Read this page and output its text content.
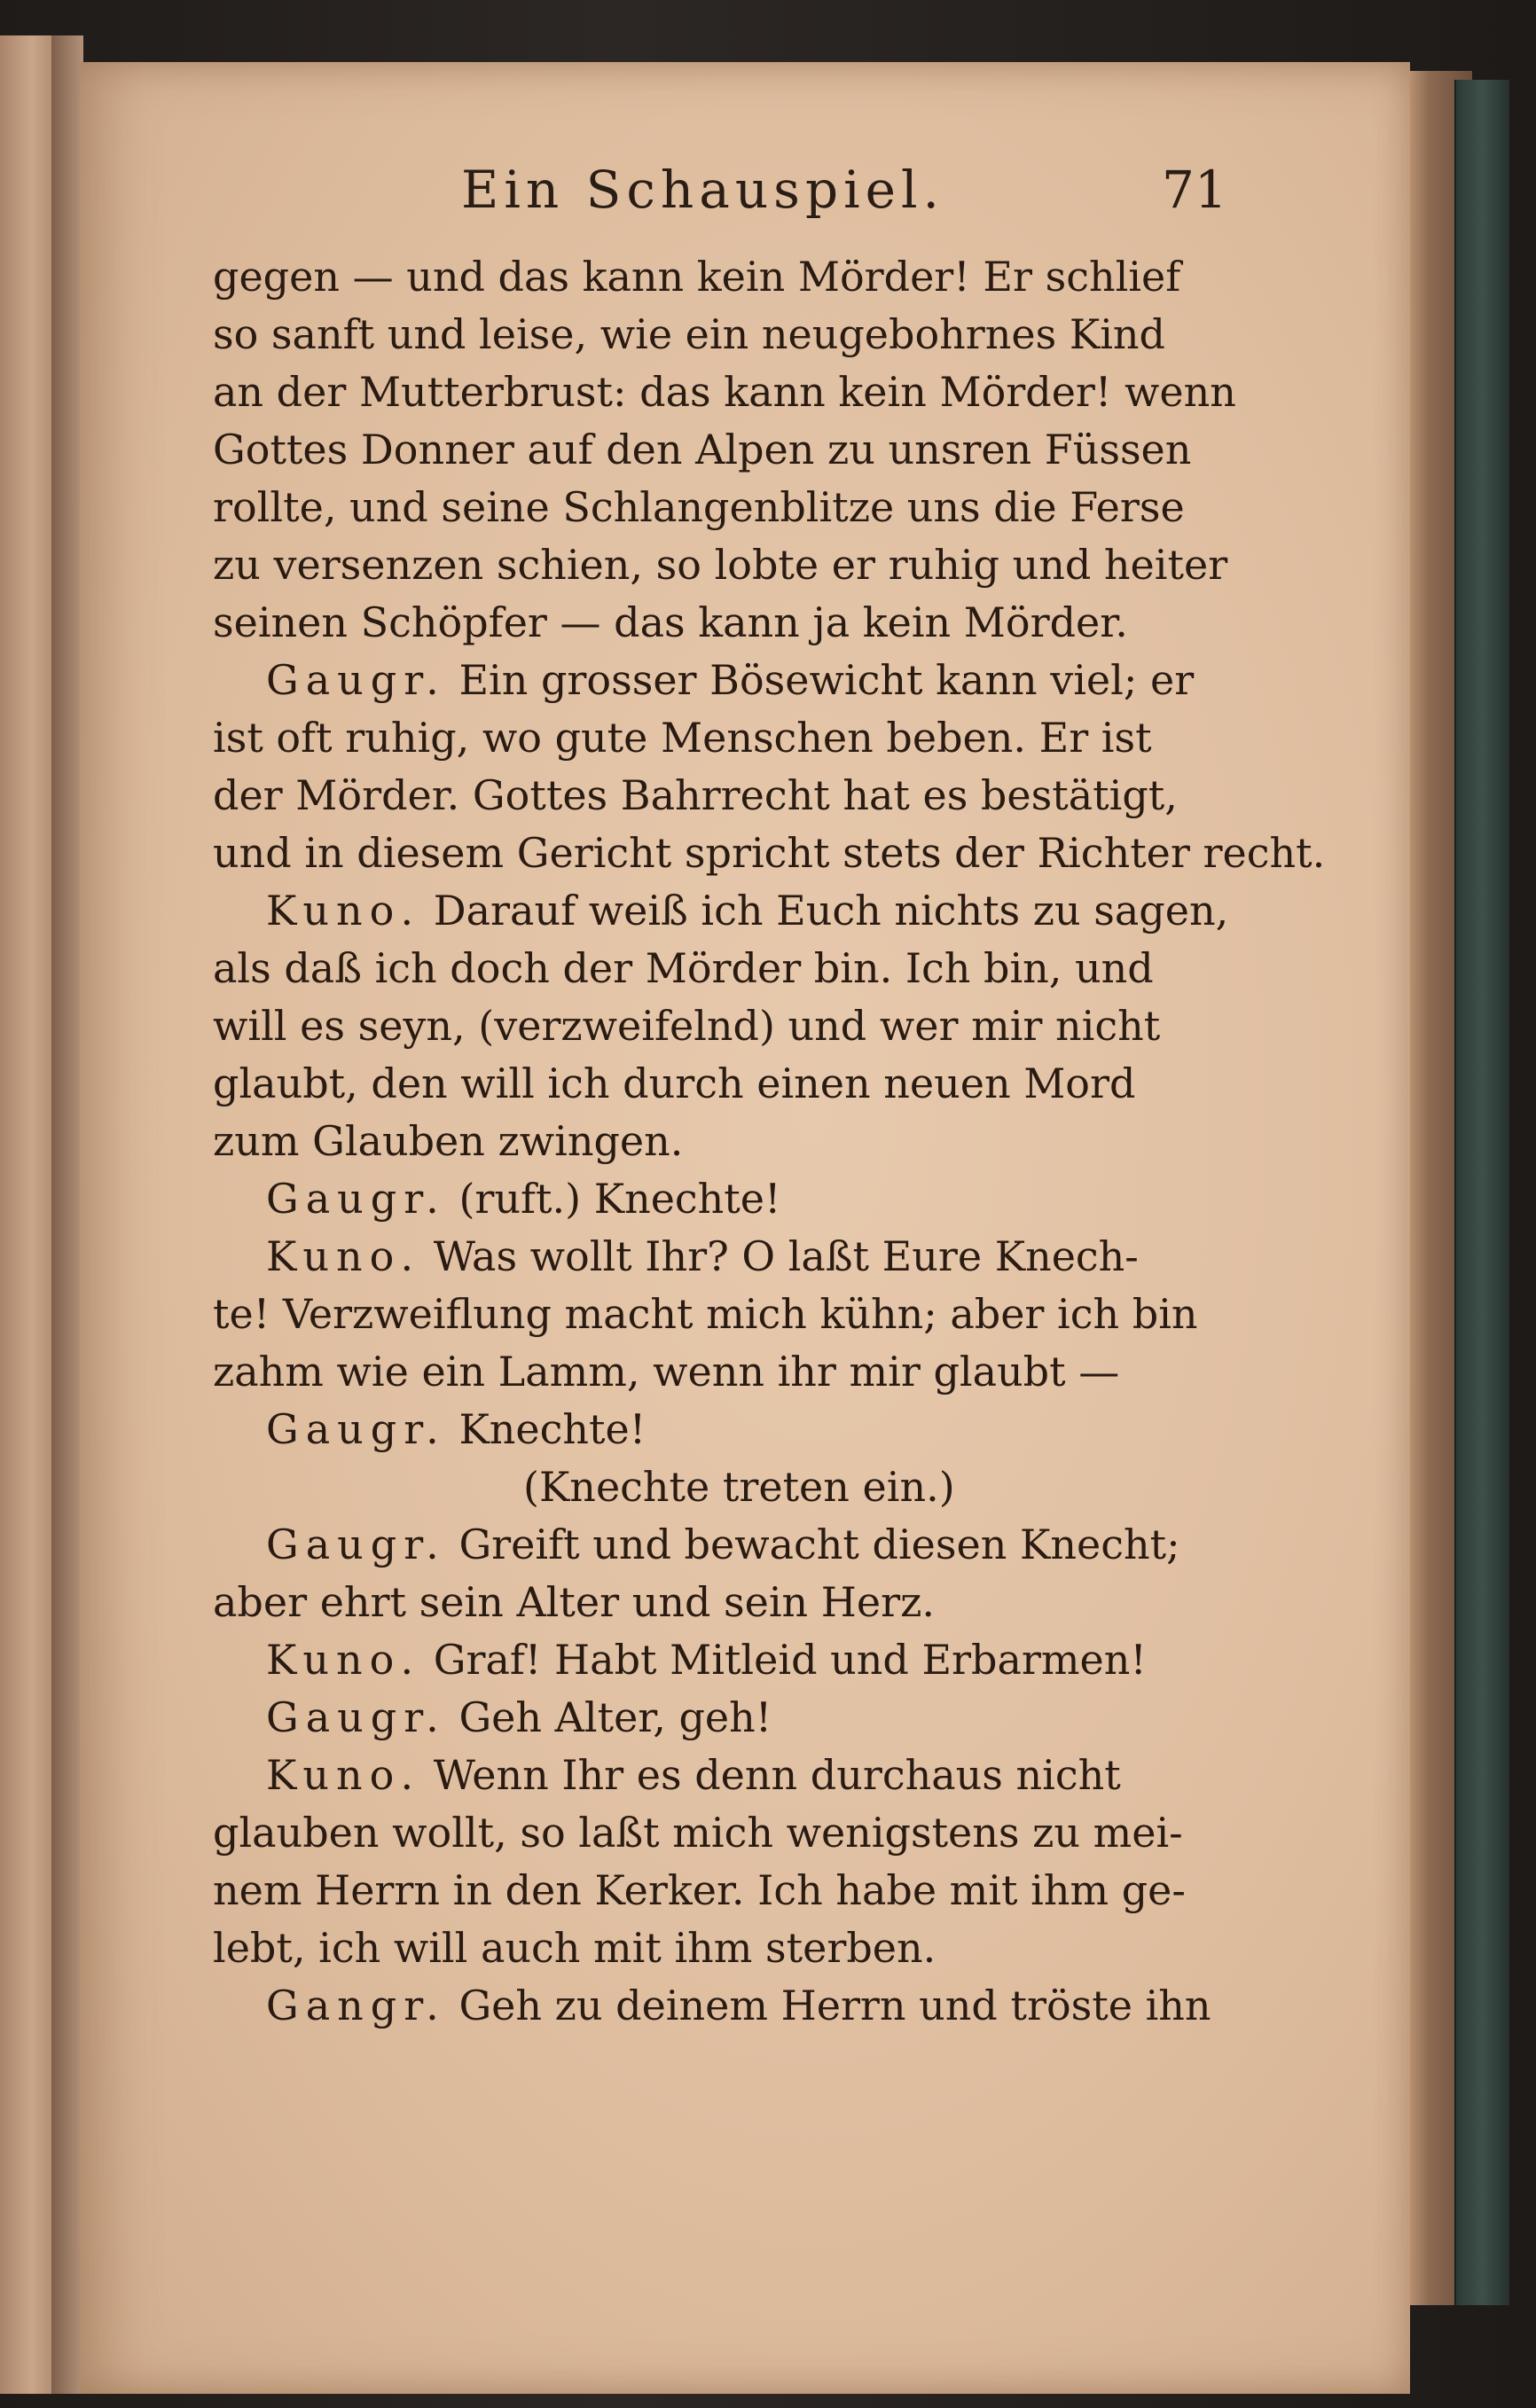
Ein Schauspiel.	71
gegen — und das kann kein Mörder! Er schlief
so sanft und leise, wie ein neugebohrnes Kind
an der Mutterbrust: das kann kein Mörder! wenn
Gottes Donner auf den Alpen zu unsren Füssen
rollte, und seine Schlangenblitze uns die Ferse
zu versenzen schien, so lobte er ruhig und heiter
seinen Schöpfer — das kann ja kein Mörder.
Gaugr. Ein grosser Bösewicht kann viel; er
ist oft ruhig, wo gute Menschen beben. Er ist
der Mörder. Gottes Bahrrecht hat es bestätigt,
und in diesem Gericht spricht stets der Richter recht.
Kuno. Darauf weiß ich Euch nichts zu sagen,
als daß ich doch der Mörder bin. Ich bin, und
will es seyn, (verzweifelnd) und wer mir nicht
glaubt, den will ich durch einen neuen Mord
zum Glauben zwingen.
Gaugr. (ruft.) Knechte!
Kuno. Was wollt Ihr? O laßt Eure Knech-
te! Verzweiflung macht mich kühn; aber ich bin
zahm wie ein Lamm, wenn ihr mir glaubt —
Gaugr. Knechte!
(Knechte treten ein.)
Gaugr. Greift und bewacht diesen Knecht;
aber ehrt sein Alter und sein Herz.
Kuno. Graf! Habt Mitleid und Erbarmen!
Gaugr. Geh Alter, geh!
Kuno. Wenn Ihr es denn durchaus nicht
glauben wollt, so laßt mich wenigstens zu mei-
nem Herrn in den Kerker. Ich habe mit ihm ge-
lebt, ich will auch mit ihm sterben.
Gangr. Geh zu deinem Herrn und tröste ihn
